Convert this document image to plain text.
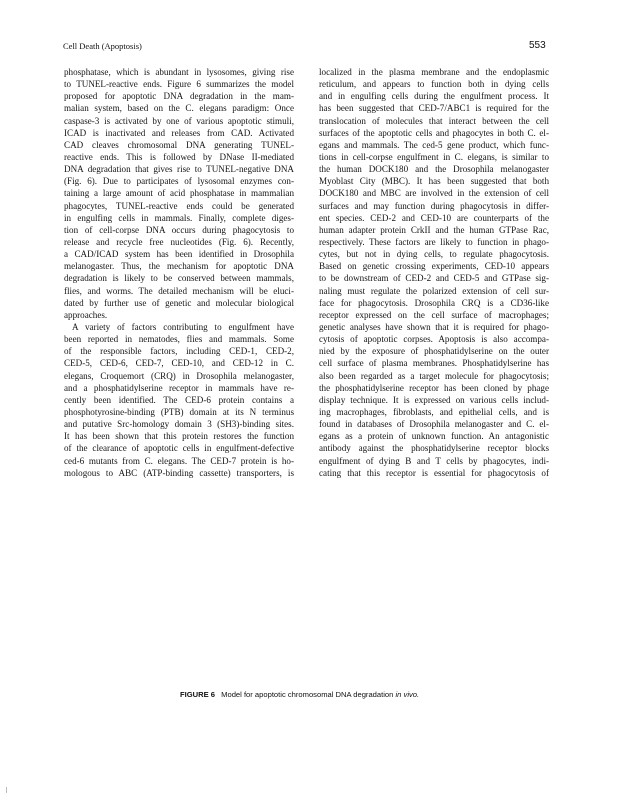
Cell Death (Apoptosis)	553
phosphatase, which is abundant in lysosomes, giving rise
to TUNEL-reactive ends. Figure 6 summarizes the model
proposed for apoptotic DNA degradation in the mam-
malian system, based on the C. elegans paradigm: Once
caspase-3 is activated by one of various apoptotic stimuli,
ICAD is inactivated and releases from CAD. Activated
CAD cleaves chromosomal DNA generating TUNEL-
reactive ends. This is followed by DNase II-mediated
DNA degradation that gives rise to TUNEL-negative DNA
(Fig. 6). Due to participates of lysosomal enzymes con-
taining a large amount of acid phosphatase in mammalian
phagocytes, TUNEL-reactive ends could be generated
in engulfing cells in mammals. Finally, complete diges-
tion of cell-corpse DNA occurs during phagocytosis to
release and recycle free nucleotides (Fig. 6). Recently,
a CAD/ICAD system has been identified in Drosophila
melanogaster. Thus, the mechanism for apoptotic DNA
degradation is likely to be conserved between mammals,
flies, and worms. The detailed mechanism will be eluci-
dated by further use of genetic and molecular biological
approaches.
A variety of factors contributing to engulfment have
been reported in nematodes, flies and mammals. Some
of the responsible factors, including CED-1, CED-2,
CED-5, CED-6, CED-7, CED-10, and CED-12 in C.
elegans, Croquemort (CRQ) in Drosophila melanogaster,
and a phosphatidylserine receptor in mammals have re-
cently been identified. The CED-6 protein contains a
phosphotyrosine-binding (PTB) domain at its N terminus
and putative Src-homology domain 3 (SH3)-binding sites.
It has been shown that this protein restores the function
of the clearance of apoptotic cells in engulfment-defective
ced-6 mutants from C. elegans. The CED-7 protein is ho-
mologous to ABC (ATP-binding cassette) transporters, is
localized in the plasma membrane and the endoplasmic
reticulum, and appears to function both in dying cells
and in engulfing cells during the engulfment process. It
has been suggested that CED-7/ABC1 is required for the
translocation of molecules that interact between the cell
surfaces of the apoptotic cells and phagocytes in both C. el-
egans and mammals. The ced-5 gene product, which func-
tions in cell-corpse engulfment in C. elegans, is similar to
the human DOCK180 and the Drosophila melanogaster
Myoblast City (MBC). It has been suggested that both
DOCK180 and MBC are involved in the extension of cell
surfaces and may function during phagocytosis in differ-
ent species. CED-2 and CED-10 are counterparts of the
human adapter protein CrkII and the human GTPase Rac,
respectively. These factors are likely to function in phago-
cytes, but not in dying cells, to regulate phagocytosis.
Based on genetic crossing experiments, CED-10 appears
to be downstream of CED-2 and CED-5 and GTPase sig-
naling must regulate the polarized extension of cell sur-
face for phagocytosis. Drosophila CRQ is a CD36-like
receptor expressed on the cell surface of macrophages;
genetic analyses have shown that it is required for phago-
cytosis of apoptotic corpses. Apoptosis is also accompa-
nied by the exposure of phosphatidylserine on the outer
cell surface of plasma membranes. Phosphatidylserine has
also been regarded as a target molecule for phagocytosis;
the phosphatidylserine receptor has been cloned by phage
display technique. It is expressed on various cells includ-
ing macrophages, fibroblasts, and epithelial cells, and is
found in databases of Drosophila melanogaster and C. el-
egans as a protein of unknown function. An antagonistic
antibody against the phosphatidylserine receptor blocks
engulfment of dying B and T cells by phagocytes, indi-
cating that this receptor is essential for phagocytosis of
FIGURE 6 Model for apoptotic chromosomal DNA degradation in vivo.
